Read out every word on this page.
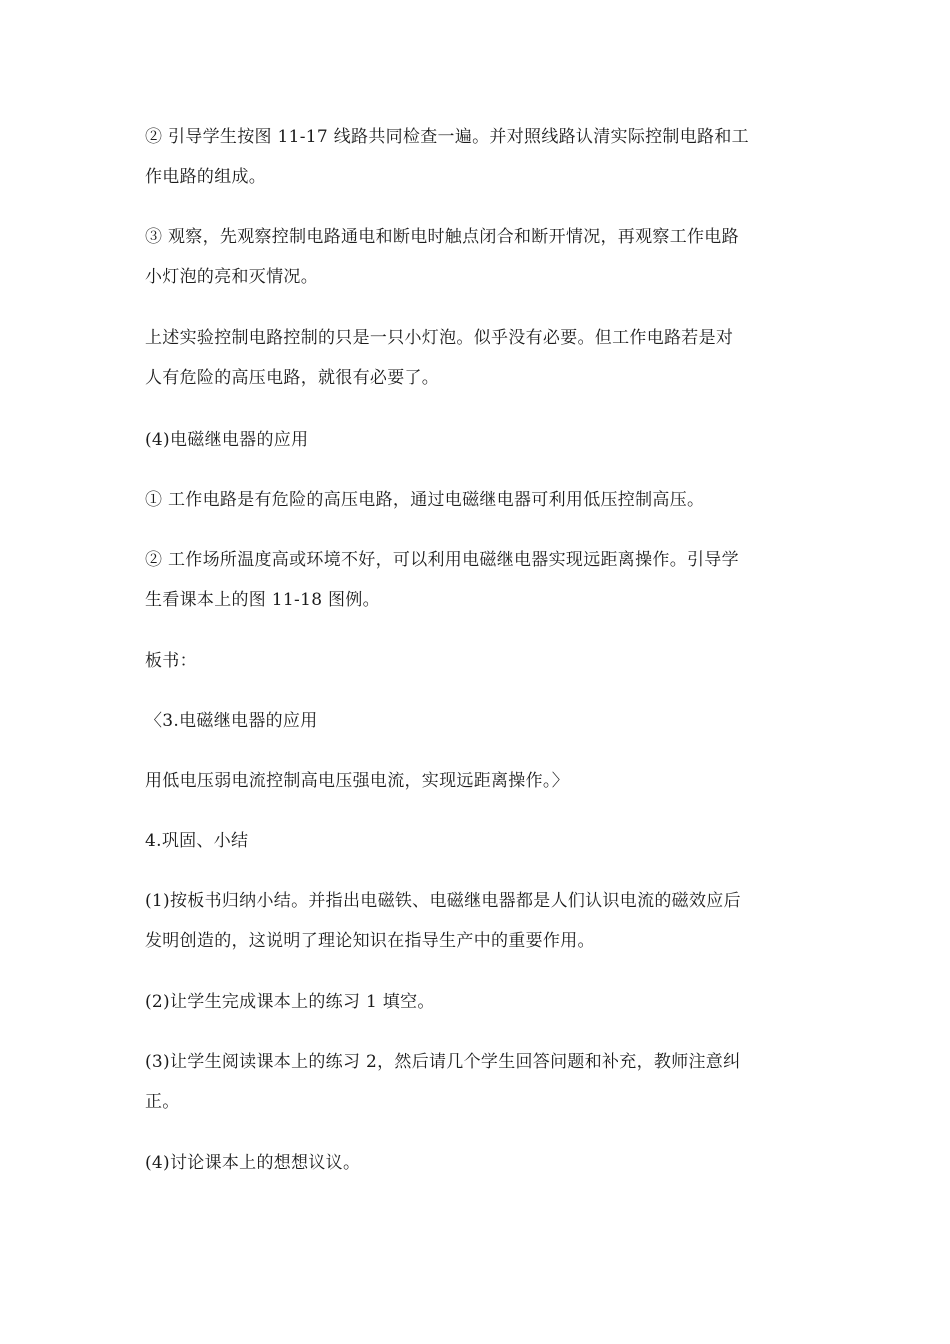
② 引导学生按图 11-17 线路共同检查一遍。并对照线路认清实际控制电路和工
作电路的组成。

③ 观察，先观察控制电路通电和断电时触点闭合和断开情况，再观察工作电路
小灯泡的亮和灭情况。

上述实验控制电路控制的只是一只小灯泡。似乎没有必要。但工作电路若是对
人有危险的高压电路，就很有必要了。

(4)电磁继电器的应用

① 工作电路是有危险的高压电路，通过电磁继电器可利用低压控制高压。

② 工作场所温度高或环境不好，可以利用电磁继电器实现远距离操作。引导学
生看课本上的图 11-18 图例。

板书：

〈3.电磁继电器的应用

用低电压弱电流控制高电压强电流，实现远距离操作。〉

4.巩固、小结

(1)按板书归纳小结。并指出电磁铁、电磁继电器都是人们认识电流的磁效应后
发明创造的，这说明了理论知识在指导生产中的重要作用。

(2)让学生完成课本上的练习 1 填空。

(3)让学生阅读课本上的练习 2，然后请几个学生回答问题和补充，教师注意纠
正。

(4)讨论课本上的想想议议。
